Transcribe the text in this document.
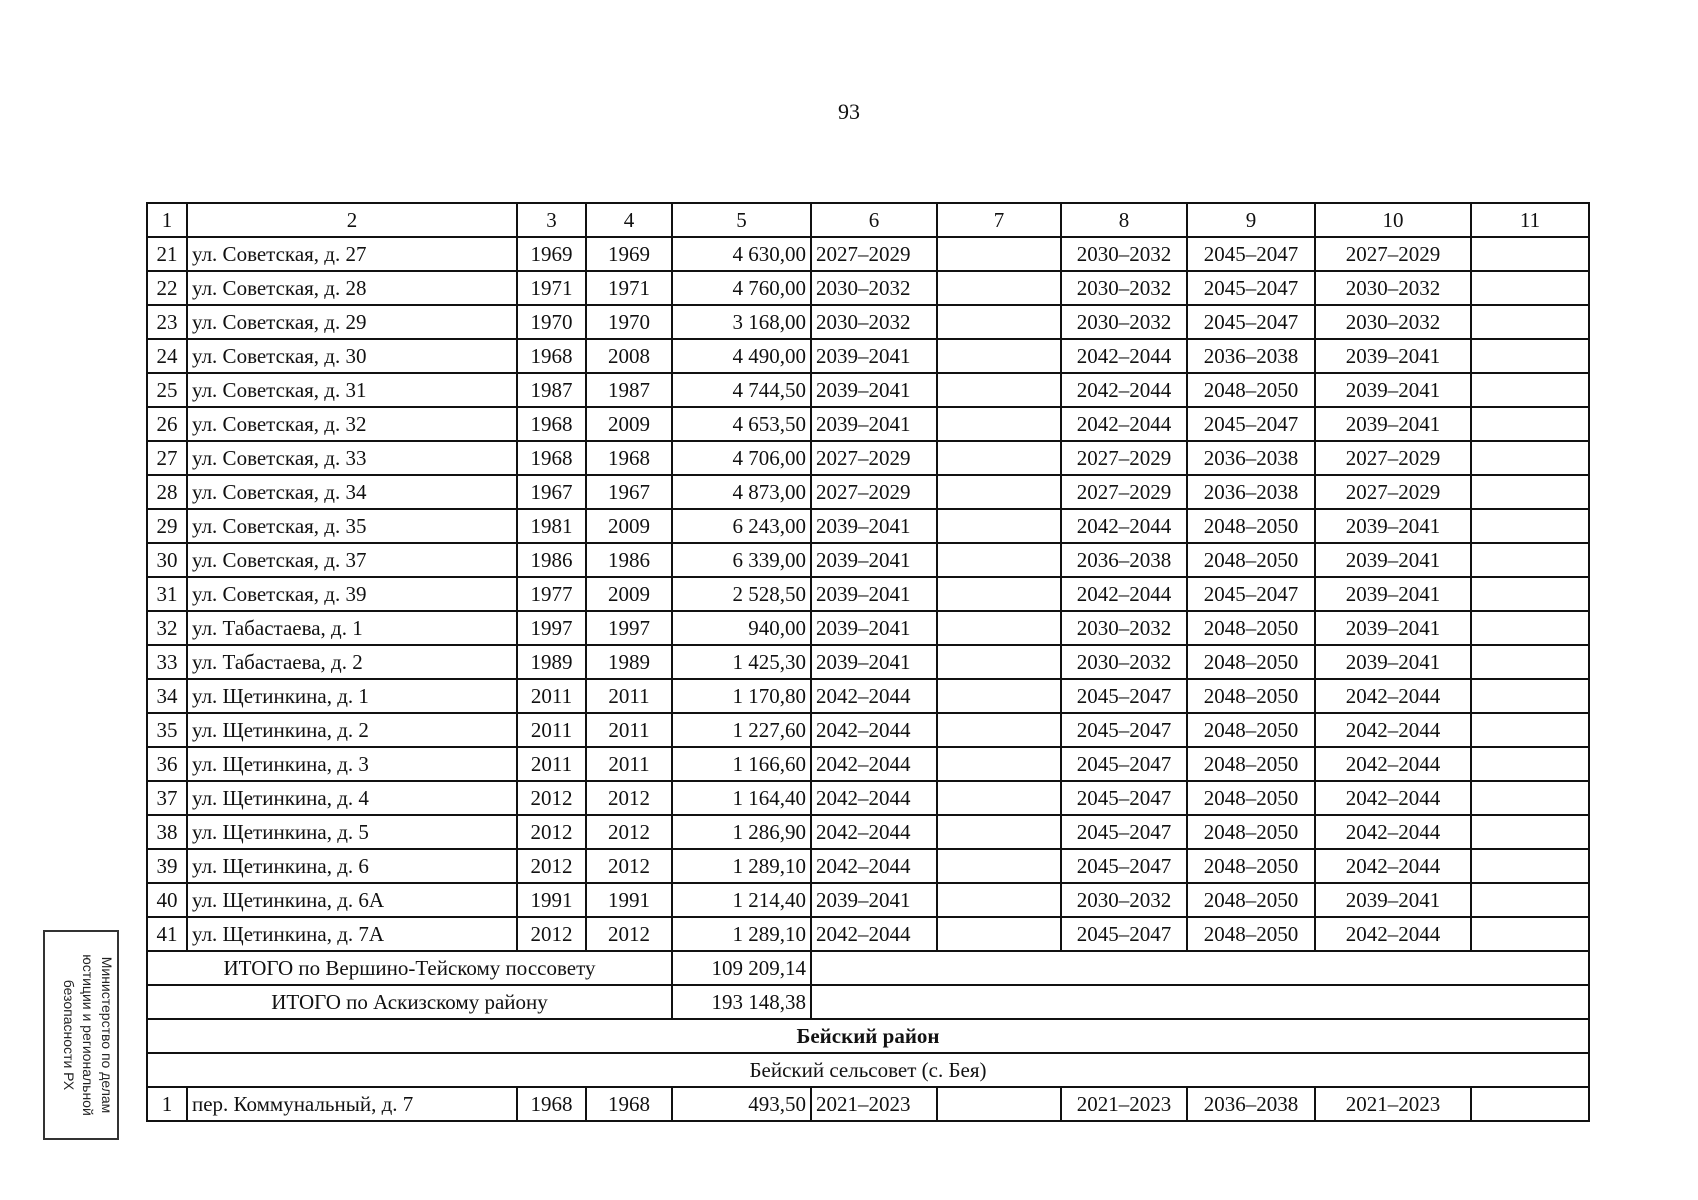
93
Министерство по делам
юстиции и региональной
безопасности РХ
1	2	3	4	5	6	7	8	9	10	11
21	ул. Советская, д. 27	1969	1969	4 630,00	2027–2029		2030–2032	2045–2047	2027–2029	
22	ул. Советская, д. 28	1971	1971	4 760,00	2030–2032		2030–2032	2045–2047	2030–2032	
23	ул. Советская, д. 29	1970	1970	3 168,00	2030–2032		2030–2032	2045–2047	2030–2032	
24	ул. Советская, д. 30	1968	2008	4 490,00	2039–2041		2042–2044	2036–2038	2039–2041	
25	ул. Советская, д. 31	1987	1987	4 744,50	2039–2041		2042–2044	2048–2050	2039–2041	
26	ул. Советская, д. 32	1968	2009	4 653,50	2039–2041		2042–2044	2045–2047	2039–2041	
27	ул. Советская, д. 33	1968	1968	4 706,00	2027–2029		2027–2029	2036–2038	2027–2029	
28	ул. Советская, д. 34	1967	1967	4 873,00	2027–2029		2027–2029	2036–2038	2027–2029	
29	ул. Советская, д. 35	1981	2009	6 243,00	2039–2041		2042–2044	2048–2050	2039–2041	
30	ул. Советская, д. 37	1986	1986	6 339,00	2039–2041		2036–2038	2048–2050	2039–2041	
31	ул. Советская, д. 39	1977	2009	2 528,50	2039–2041		2042–2044	2045–2047	2039–2041	
32	ул. Табастаева, д. 1	1997	1997	940,00	2039–2041		2030–2032	2048–2050	2039–2041	
33	ул. Табастаева, д. 2	1989	1989	1 425,30	2039–2041		2030–2032	2048–2050	2039–2041	
34	ул. Щетинкина, д. 1	2011	2011	1 170,80	2042–2044		2045–2047	2048–2050	2042–2044	
35	ул. Щетинкина, д. 2	2011	2011	1 227,60	2042–2044		2045–2047	2048–2050	2042–2044	
36	ул. Щетинкина, д. 3	2011	2011	1 166,60	2042–2044		2045–2047	2048–2050	2042–2044	
37	ул. Щетинкина, д. 4	2012	2012	1 164,40	2042–2044		2045–2047	2048–2050	2042–2044	
38	ул. Щетинкина, д. 5	2012	2012	1 286,90	2042–2044		2045–2047	2048–2050	2042–2044	
39	ул. Щетинкина, д. 6	2012	2012	1 289,10	2042–2044		2045–2047	2048–2050	2042–2044	
40	ул. Щетинкина, д. 6А	1991	1991	1 214,40	2039–2041		2030–2032	2048–2050	2039–2041	
41	ул. Щетинкина, д. 7А	2012	2012	1 289,10	2042–2044		2045–2047	2048–2050	2042–2044	
ИТОГО по Вершино-Тейскому поссовету				109 209,14						
ИТОГО по Аскизскому району				193 148,38						
Бейский район										
Бейский сельсовет (с. Бея)										
1	пер. Коммунальный, д. 7	1968	1968	493,50	2021–2023		2021–2023	2036–2038	2021–2023	
